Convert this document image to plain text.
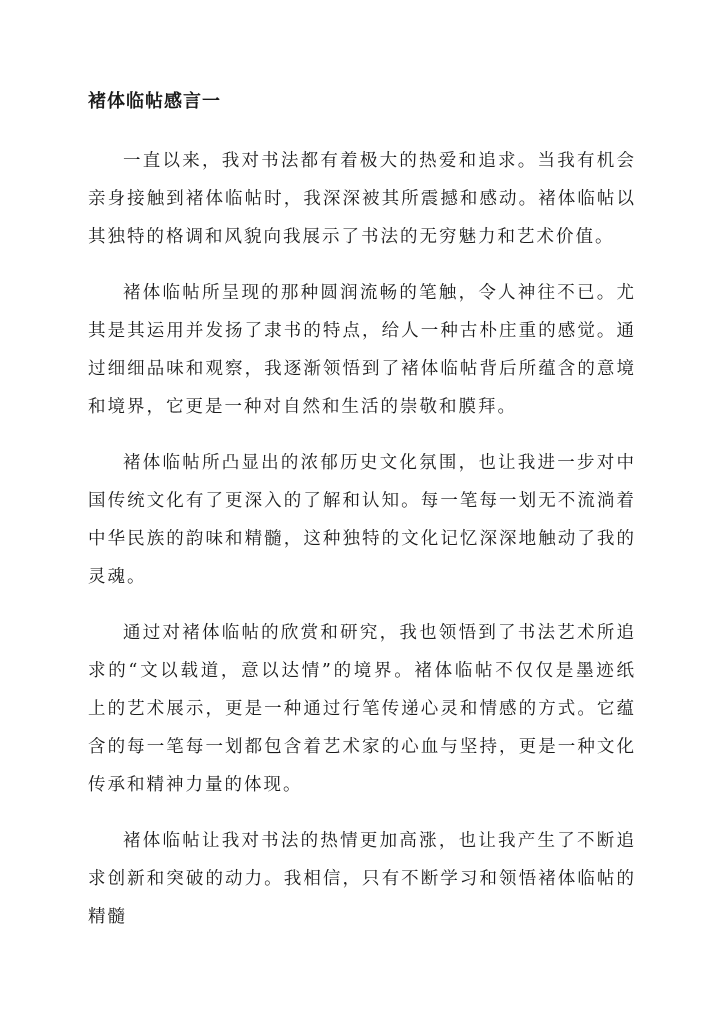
褚体临帖感言一

一直以来，我对书法都有着极大的热爱和追求。当我有机会亲身接触到褚体临帖时，我深深被其所震撼和感动。褚体临帖以其独特的格调和风貌向我展示了书法的无穷魅力和艺术价值。

褚体临帖所呈现的那种圆润流畅的笔触，令人神往不已。尤其是其运用并发扬了隶书的特点，给人一种古朴庄重的感觉。通过细细品味和观察，我逐渐领悟到了褚体临帖背后所蕴含的意境和境界，它更是一种对自然和生活的崇敬和膜拜。

褚体临帖所凸显出的浓郁历史文化氛围，也让我进一步对中国传统文化有了更深入的了解和认知。每一笔每一划无不流淌着中华民族的韵味和精髓，这种独特的文化记忆深深地触动了我的灵魂。

通过对褚体临帖的欣赏和研究，我也领悟到了书法艺术所追求的“文以载道，意以达情”的境界。褚体临帖不仅仅是墨迹纸上的艺术展示，更是一种通过行笔传递心灵和情感的方式。它蕴含的每一笔每一划都包含着艺术家的心血与坚持，更是一种文化传承和精神力量的体现。

褚体临帖让我对书法的热情更加高涨，也让我产生了不断追求创新和突破的动力。我相信，只有不断学习和领悟褚体临帖的精髓
